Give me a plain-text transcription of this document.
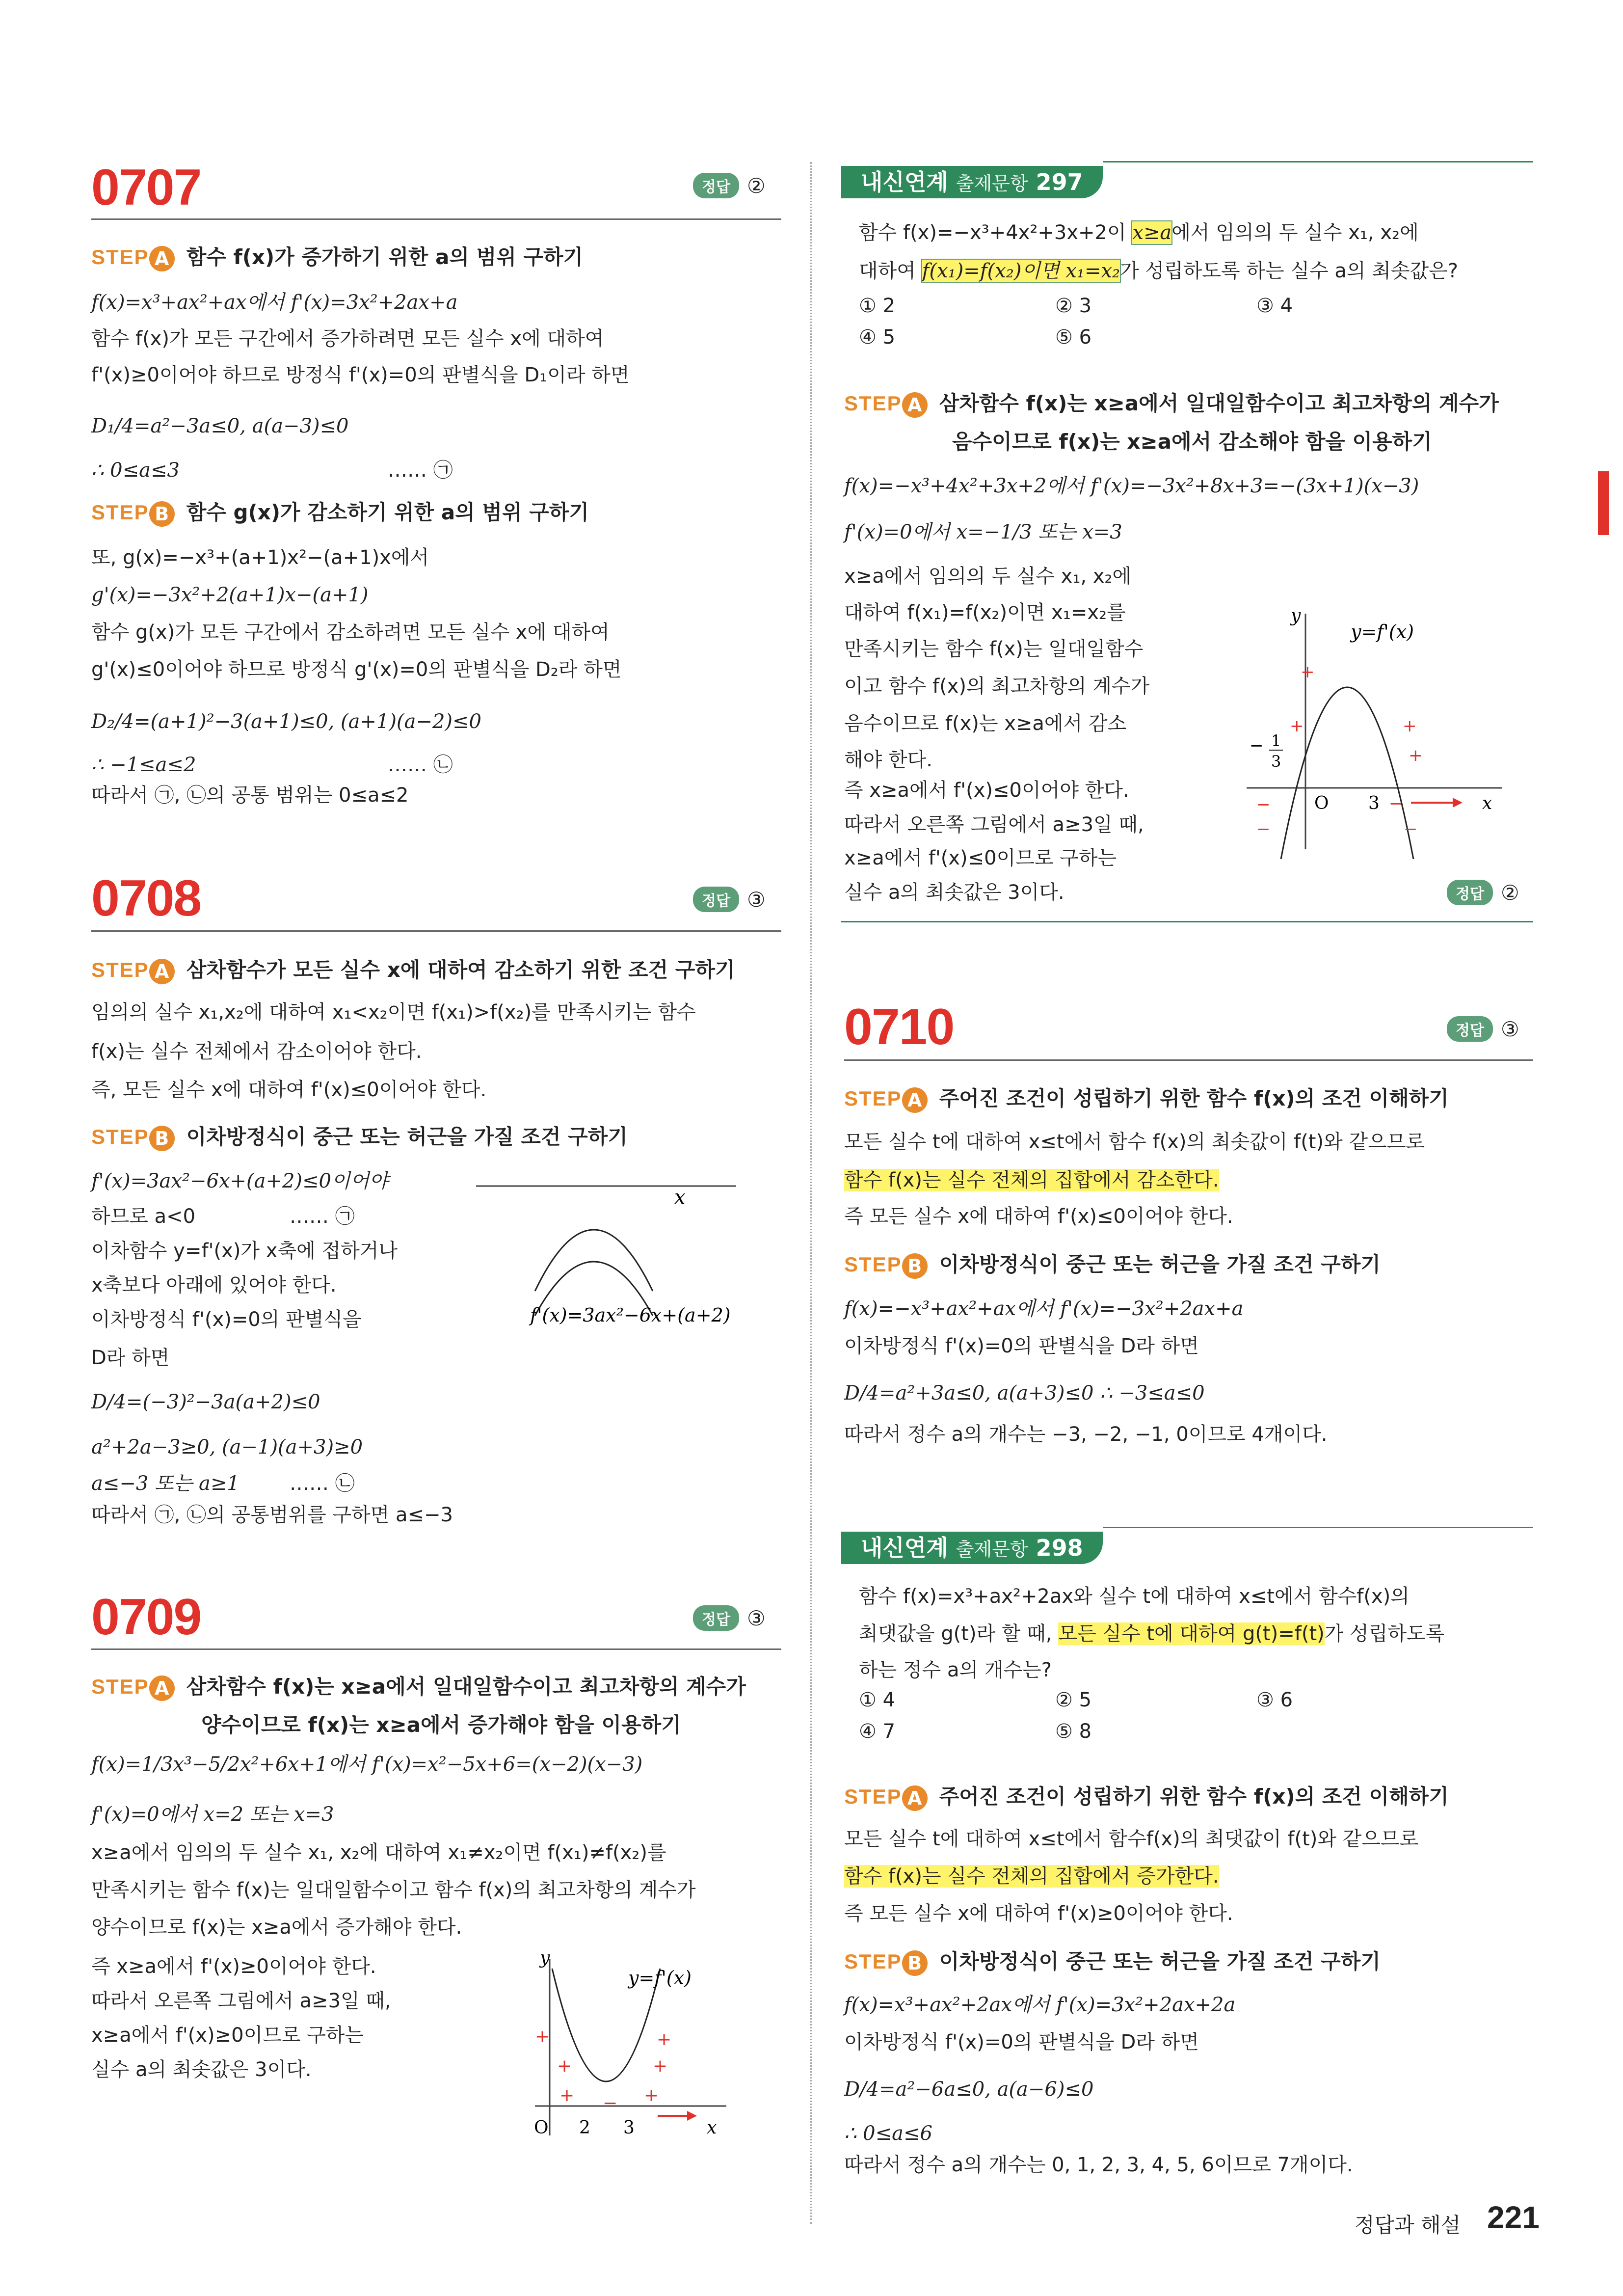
0707	정답 ②
STEP A 함수 f(x)가 증가하기 위한 a의 범위 구하기
f(x)=x³+ax²+ax에서 f'(x)=3x²+2ax+a
함수 f(x)가 모든 구간에서 증가하려면 모든 실수 x에 대하여
f'(x)≥0이어야 하므로 방정식 f'(x)=0의 판별식을 D₁이라 하면
D₁/4=a²−3a≤0, a(a−3)≤0
∴ 0≤a≤3	…… ㉠
STEP B 함수 g(x)가 감소하기 위한 a의 범위 구하기
또, g(x)=−x³+(a+1)x²−(a+1)x에서
g'(x)=−3x²+2(a+1)x−(a+1)
함수 g(x)가 모든 구간에서 감소하려면 모든 실수 x에 대하여
g'(x)≤0이어야 하므로 방정식 g'(x)=0의 판별식을 D₂라 하면
D₂/4=(a+1)²−3(a+1)≤0, (a+1)(a−2)≤0
∴ −1≤a≤2	…… ㉡
따라서 ㉠, ㉡의 공통 범위는 0≤a≤2
0708	정답 ③
STEP A 삼차함수가 모든 실수 x에 대하여 감소하기 위한 조건 구하기
임의의 실수 x₁,x₂에 대하여 x₁<x₂이면 f(x₁)>f(x₂)를 만족시키는 함수
f(x)는 실수 전체에서 감소이어야 한다.
즉, 모든 실수 x에 대하여 f'(x)≤0이어야 한다.
STEP B 이차방정식이 중근 또는 허근을 가질 조건 구하기
f'(x)=3ax²−6x+(a+2)≤0이어야
하므로 a<0	…… ㉠
이차함수 y=f'(x)가 x축에 접하거나
x축보다 아래에 있어야 한다.
이차방정식 f'(x)=0의 판별식을
D라 하면
D/4=(−3)²−3a(a+2)≤0
a²+2a−3≥0, (a−1)(a+3)≥0
a≤−3 또는 a≥1	…… ㉡
따라서 ㉠, ㉡의 공통범위를 구하면 a≤−3
x
f'(x)=3ax²−6x+(a+2)
0709	정답 ③
STEP A 삼차함수 f(x)는 x≥a에서 일대일함수이고 최고차항의 계수가
양수이므로 f(x)는 x≥a에서 증가해야 함을 이용하기
f(x)=1/3x³−5/2x²+6x+1에서 f'(x)=x²−5x+6=(x−2)(x−3)
f'(x)=0에서 x=2 또는 x=3
x≥a에서 임의의 두 실수 x₁, x₂에 대하여 x₁≠x₂이면 f(x₁)≠f(x₂)를
만족시키는 함수 f(x)는 일대일함수이고 함수 f(x)의 최고차항의 계수가
양수이므로 f(x)는 x≥a에서 증가해야 한다.
즉 x≥a에서 f'(x)≥0이어야 한다.
따라서 오른쪽 그림에서 a≥3일 때,
x≥a에서 f'(x)≥0이므로 구하는
실수 a의 최솟값은 3이다.
y
x
O 2 3
y=f'(x)
+
+
+
+
+
+
−
내신연계 출제문항 297
함수 f(x)=−x³+4x²+3x+2이 x≥a에서 임의의 두 실수 x₁, x₂에
대하여 f(x₁)=f(x₂)이면 x₁=x₂가 성립하도록 하는 실수 a의 최솟값은?
① 2	② 3	③ 4
④ 5	⑤ 6
STEP A 삼차함수 f(x)는 x≥a에서 일대일함수이고 최고차항의 계수가
음수이므로 f(x)는 x≥a에서 감소해야 함을 이용하기
f(x)=−x³+4x²+3x+2에서 f'(x)=−3x²+8x+3=−(3x+1)(x−3)
f'(x)=0에서 x=−1/3 또는 x=3
x≥a에서 임의의 두 실수 x₁, x₂에
대하여 f(x₁)=f(x₂)이면 x₁=x₂를
만족시키는 함수 f(x)는 일대일함수
이고 함수 f(x)의 최고차항의 계수가
음수이므로 f(x)는 x≥a에서 감소
해야 한다.
즉 x≥a에서 f'(x)≤0이어야 한다.
따라서 오른쪽 그림에서 a≥3일 때,
x≥a에서 f'(x)≤0이므로 구하는
실수 a의 최솟값은 3이다.	정답 ②
y
x
O 3
− 1
3
y=f'(x)
+
+	+
+
−
−
−
−
0710	정답 ③
STEP A 주어진 조건이 성립하기 위한 함수 f(x)의 조건 이해하기
모든 실수 t에 대하여 x≤t에서 함수 f(x)의 최솟값이 f(t)와 같으므로
함수 f(x)는 실수 전체의 집합에서 감소한다.
즉 모든 실수 x에 대하여 f'(x)≤0이어야 한다.
STEP B 이차방정식이 중근 또는 허근을 가질 조건 구하기
f(x)=−x³+ax²+ax에서 f'(x)=−3x²+2ax+a
이차방정식 f'(x)=0의 판별식을 D라 하면
D/4=a²+3a≤0, a(a+3)≤0 ∴ −3≤a≤0
따라서 정수 a의 개수는 −3, −2, −1, 0이므로 4개이다.
내신연계 출제문항 298
함수 f(x)=x³+ax²+2ax와 실수 t에 대하여 x≤t에서 함수f(x)의
최댓값을 g(t)라 할 때, 모든 실수 t에 대하여 g(t)=f(t)가 성립하도록
하는 정수 a의 개수는?
① 4	② 5	③ 6
④ 7	⑤ 8
STEP A 주어진 조건이 성립하기 위한 함수 f(x)의 조건 이해하기
모든 실수 t에 대하여 x≤t에서 함수f(x)의 최댓값이 f(t)와 같으므로
함수 f(x)는 실수 전체의 집합에서 증가한다.
즉 모든 실수 x에 대하여 f'(x)≥0이어야 한다.
STEP B 이차방정식이 중근 또는 허근을 가질 조건 구하기
f(x)=x³+ax²+2ax에서 f'(x)=3x²+2ax+2a
이차방정식 f'(x)=0의 판별식을 D라 하면
D/4=a²−6a≤0, a(a−6)≤0
∴ 0≤a≤6
따라서 정수 a의 개수는 0, 1, 2, 3, 4, 5, 6이므로 7개이다.
정답과 해설 221
